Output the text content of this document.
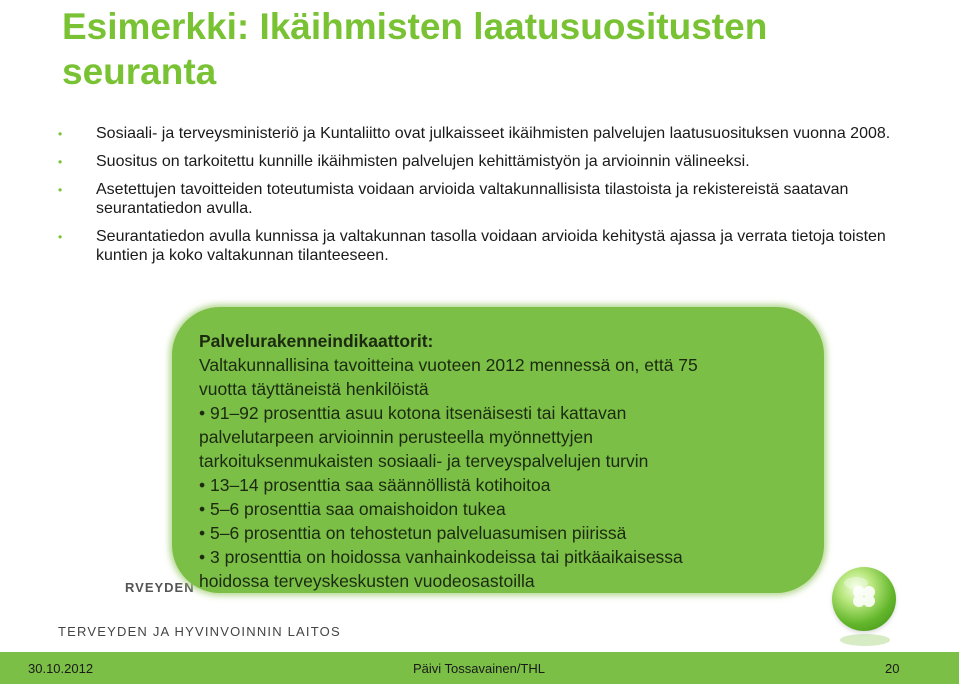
Esimerkki: Ikäihmisten laatusuositusten seuranta
• Sosiaali- ja terveysministeriö ja Kuntaliitto ovat julkaisseet ikäihmisten palvelujen laatusuosituksen vuonna 2008.
• Suositus on tarkoitettu kunnille ikäihmisten palvelujen kehittämistyön ja arvioinnin välineeksi.
• Asetettujen tavoitteiden toteutumista voidaan arvioida valtakunnallisista tilastoista ja rekistereistä saatavan seurantatiedon avulla.
• Seurantatiedon avulla kunnissa ja valtakunnan tasolla voidaan arvioida kehitystä ajassa ja verrata tietoja toisten kuntien ja koko valtakunnan tilanteeseen.
RVEYDEN
Palvelurakenneindikaattorit:
Valtakunnallisina tavoitteina vuoteen 2012 mennessä on, että 75
vuotta täyttäneistä henkilöistä
• 91–92 prosenttia asuu kotona itsenäisesti tai kattavan
palvelutarpeen arvioinnin perusteella myönnettyjen
tarkoituksenmukaisten sosiaali- ja terveyspalvelujen turvin
• 13–14 prosenttia saa säännöllistä kotihoitoa
• 5–6 prosenttia saa omaishoidon tukea
• 5–6 prosenttia on tehostetun palveluasumisen piirissä
• 3 prosenttia on hoidossa vanhainkodeissa tai pitkäaikaisessa
hoidossa terveyskeskusten vuodeosastoilla
TERVEYDEN JA HYVINVOINNIN LAITOS
30.10.2012	Päivi Tossavainen/THL	20
